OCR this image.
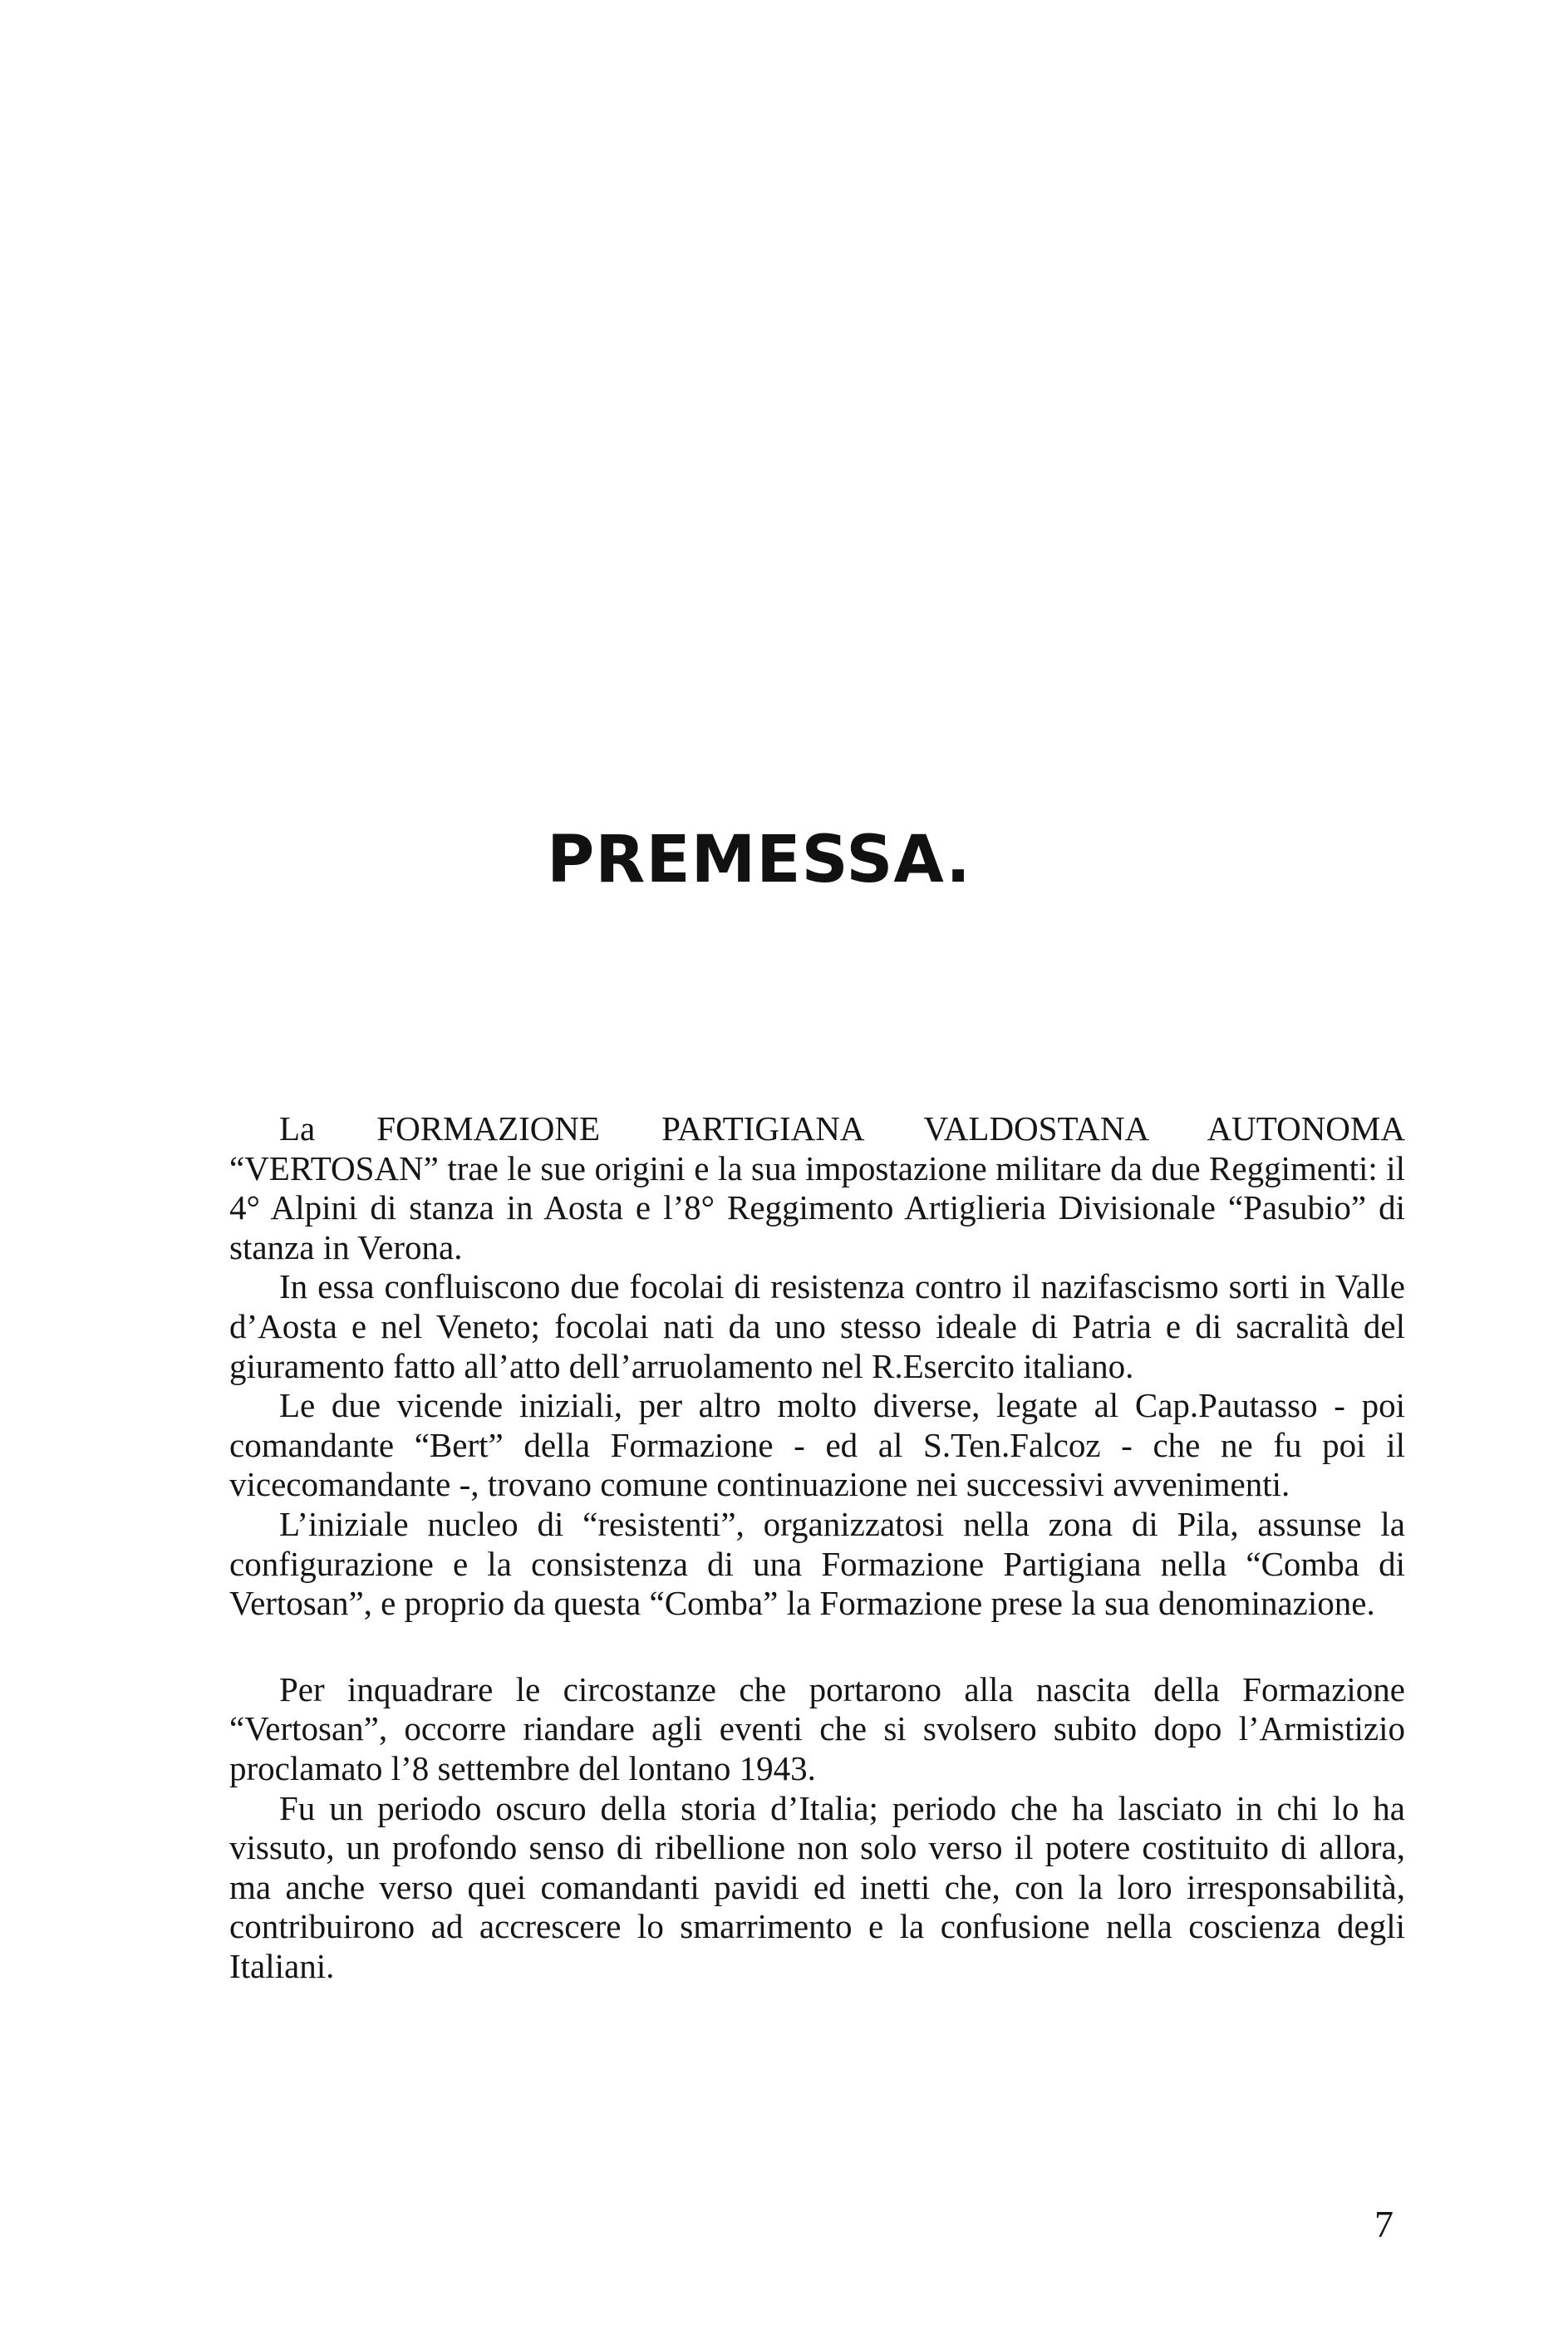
PREMESSA.

La FORMAZIONE PARTIGIANA VALDOSTANA AUTONOMA “VERTOSAN” trae le sue origini e la sua impostazione militare da due Reggimenti: il 4° Alpini di stanza in Aosta e l’8° Reggimento Artiglieria Divisionale “Pasubio” di stanza in Verona.

In essa confluiscono due focolai di resistenza contro il nazifascismo sorti in Valle d’Aosta e nel Veneto; focolai nati da uno stesso ideale di Patria e di sacralità del giuramento fatto all’atto dell’arruolamento nel R.Esercito italiano.

Le due vicende iniziali, per altro molto diverse, legate al Cap.Pautasso - poi comandante “Bert” della Formazione - ed al S.Ten.Falcoz - che ne fu poi il vicecomandante -, trovano comune continuazione nei successivi avvenimenti.

L’iniziale nucleo di “resistenti”, organizzatosi nella zona di Pila, assunse la configurazione e la consistenza di una Formazione Partigiana nella “Comba di Vertosan”, e proprio da questa “Comba” la Formazione prese la sua denominazione.

Per inquadrare le circostanze che portarono alla nascita della Formazione “Vertosan”, occorre riandare agli eventi che si svolsero subito dopo l’Armistizio proclamato l’8 settembre del lontano 1943.

Fu un periodo oscuro della storia d’Italia; periodo che ha lasciato in chi lo ha vissuto, un profondo senso di ribellione non solo verso il potere costituito di allora, ma anche verso quei comandanti pavidi ed inetti che, con la loro irresponsabilità, contribuirono ad accrescere lo smarrimento e la confusione nella coscienza degli Italiani.

7
